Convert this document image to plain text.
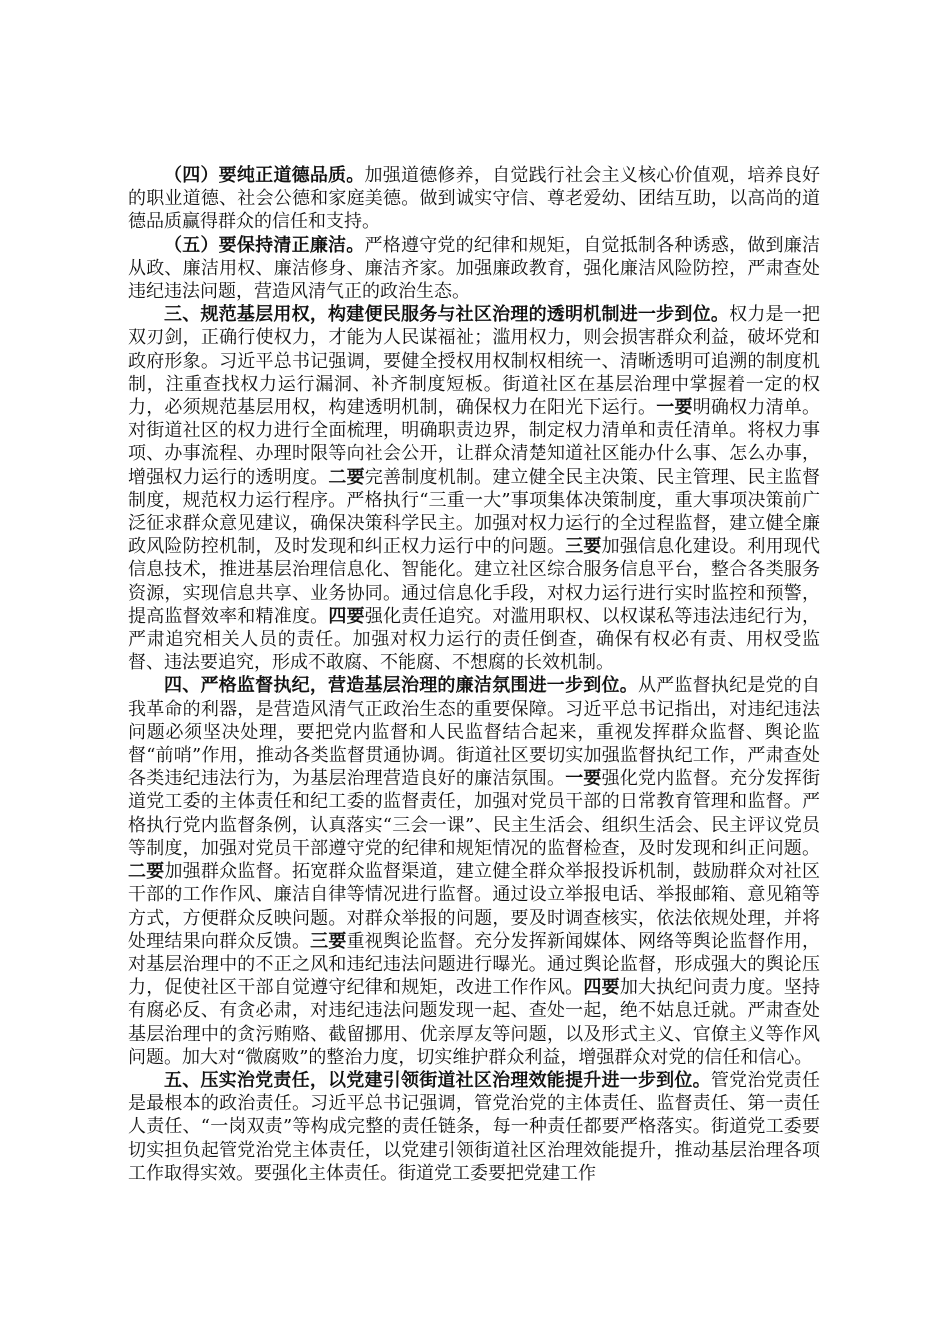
（四）要纯正道德品质。加强道德修养，自觉践行社会主义核心价值观，培养良好的职业道德、社会公德和家庭美德。做到诚实守信、尊老爱幼、团结互助，以高尚的道德品质赢得群众的信任和支持。

（五）要保持清正廉洁。严格遵守党的纪律和规矩，自觉抵制各种诱惑，做到廉洁从政、廉洁用权、廉洁修身、廉洁齐家。加强廉政教育，强化廉洁风险防控，严肃查处违纪违法问题，营造风清气正的政治生态。

三、规范基层用权，构建便民服务与社区治理的透明机制进一步到位。权力是一把双刃剑，正确行使权力，才能为人民谋福祉；滥用权力，则会损害群众利益，破坏党和政府形象。习近平总书记强调，要健全授权用权制权相统一、清晰透明可追溯的制度机制，注重查找权力运行漏洞、补齐制度短板。街道社区在基层治理中掌握着一定的权力，必须规范基层用权，构建透明机制，确保权力在阳光下运行。一要明确权力清单。对街道社区的权力进行全面梳理，明确职责边界，制定权力清单和责任清单。将权力事项、办事流程、办理时限等向社会公开，让群众清楚知道社区能办什么事、怎么办事，增强权力运行的透明度。二要完善制度机制。建立健全民主决策、民主管理、民主监督制度，规范权力运行程序。严格执行“三重一大”事项集体决策制度，重大事项决策前广泛征求群众意见建议，确保决策科学民主。加强对权力运行的全过程监督，建立健全廉政风险防控机制，及时发现和纠正权力运行中的问题。三要加强信息化建设。利用现代信息技术，推进基层治理信息化、智能化。建立社区综合服务信息平台，整合各类服务资源，实现信息共享、业务协同。通过信息化手段，对权力运行进行实时监控和预警，提高监督效率和精准度。四要强化责任追究。对滥用职权、以权谋私等违法违纪行为，严肃追究相关人员的责任。加强对权力运行的责任倒查，确保有权必有责、用权受监督、违法要追究，形成不敢腐、不能腐、不想腐的长效机制。

四、严格监督执纪，营造基层治理的廉洁氛围进一步到位。从严监督执纪是党的自我革命的利器，是营造风清气正政治生态的重要保障。习近平总书记指出，对违纪违法问题必须坚决处理，要把党内监督和人民监督结合起来，重视发挥群众监督、舆论监督“前哨”作用，推动各类监督贯通协调。街道社区要切实加强监督执纪工作，严肃查处各类违纪违法行为，为基层治理营造良好的廉洁氛围。一要强化党内监督。充分发挥街道党工委的主体责任和纪工委的监督责任，加强对党员干部的日常教育管理和监督。严格执行党内监督条例，认真落实“三会一课”、民主生活会、组织生活会、民主评议党员等制度，加强对党员干部遵守党的纪律和规矩情况的监督检查，及时发现和纠正问题。二要加强群众监督。拓宽群众监督渠道，建立健全群众举报投诉机制，鼓励群众对社区干部的工作作风、廉洁自律等情况进行监督。通过设立举报电话、举报邮箱、意见箱等方式，方便群众反映问题。对群众举报的问题，要及时调查核实，依法依规处理，并将处理结果向群众反馈。三要重视舆论监督。充分发挥新闻媒体、网络等舆论监督作用，对基层治理中的不正之风和违纪违法问题进行曝光。通过舆论监督，形成强大的舆论压力，促使社区干部自觉遵守纪律和规矩，改进工作作风。四要加大执纪问责力度。坚持有腐必反、有贪必肃，对违纪违法问题发现一起、查处一起，绝不姑息迁就。严肃查处基层治理中的贪污贿赂、截留挪用、优亲厚友等问题，以及形式主义、官僚主义等作风问题。加大对“微腐败”的整治力度，切实维护群众利益，增强群众对党的信任和信心。

五、压实治党责任，以党建引领街道社区治理效能提升进一步到位。管党治党责任是最根本的政治责任。习近平总书记强调，管党治党的主体责任、监督责任、第一责任人责任、“一岗双责”等构成完整的责任链条，每一种责任都要严格落实。街道党工委要切实担负起管党治党主体责任，以党建引领街道社区治理效能提升，推动基层治理各项工作取得实效。要强化主体责任。街道党工委要把党建工作
